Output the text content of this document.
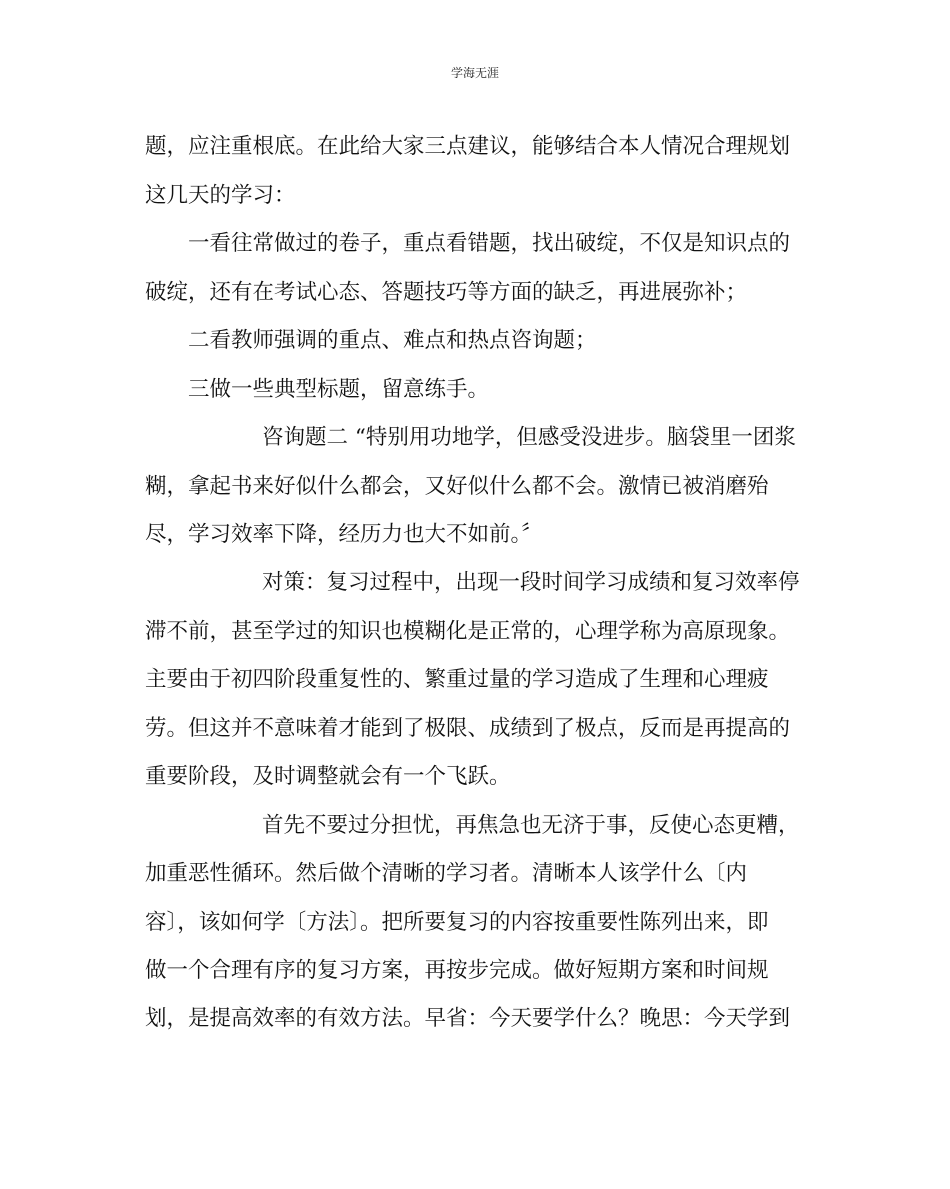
学海无涯
题，应注重根底。在此给大家三点建议，能够结合本人情况合理规划
这几天的学习：
一看往常做过的卷子，重点看错题，找出破绽，不仅是知识点的
破绽，还有在考试心态、答题技巧等方面的缺乏，再进展弥补；
二看教师强调的重点、难点和热点咨询题；
三做一些典型标题，留意练手。
咨询题二 “特别用功地学，但感受没进步。脑袋里一团浆
糊，拿起书来好似什么都会，又好似什么都不会。激情已被消磨殆
尽，学习效率下降，经历力也大不如前。〞
对策：复习过程中，出现一段时间学习成绩和复习效率停
滞不前，甚至学过的知识也模糊化是正常的，心理学称为高原现象。
主要由于初四阶段重复性的、繁重过量的学习造成了生理和心理疲
劳。但这并不意味着才能到了极限、成绩到了极点，反而是再提高的
重要阶段，及时调整就会有一个飞跃。
首先不要过分担忧，再焦急也无济于事，反使心态更糟，
加重恶性循环。然后做个清晰的学习者。清晰本人该学什么〔内
容〕，该如何学〔方法〕。把所要复习的内容按重要性陈列出来，即
做一个合理有序的复习方案，再按步完成。做好短期方案和时间规
划，是提高效率的有效方法。早省：今天要学什么？晚思：今天学到
